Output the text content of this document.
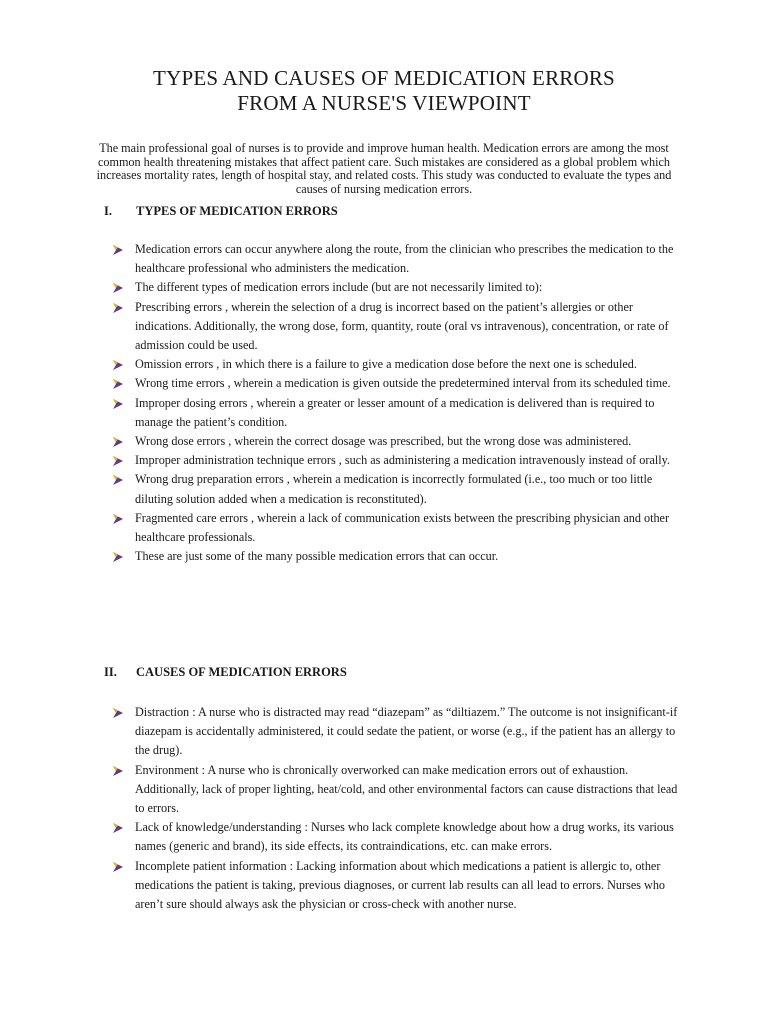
TYPES AND CAUSES OF MEDICATION ERRORS
FROM A NURSE'S VIEWPOINT

The main professional goal of nurses is to provide and improve human health. Medication errors are among the most common health threatening mistakes that affect patient care. Such mistakes are considered as a global problem which increases mortality rates, length of hospital stay, and related costs. This study was conducted to evaluate the types and causes of nursing medication errors.

I.	TYPES OF MEDICATION ERRORS
Medication errors can occur anywhere along the route, from the clinician who prescribes the medication to the healthcare professional who administers the medication.
The different types of medication errors include (but are not necessarily limited to):
Prescribing errors , wherein the selection of a drug is incorrect based on the patient’s allergies or other indications. Additionally, the wrong dose, form, quantity, route (oral vs intravenous), concentration, or rate of admission could be used.
Omission errors , in which there is a failure to give a medication dose before the next one is scheduled.
Wrong time errors , wherein a medication is given outside the predetermined interval from its scheduled time.
Improper dosing errors , wherein a greater or lesser amount of a medication is delivered than is required to manage the patient’s condition.
Wrong dose errors , wherein the correct dosage was prescribed, but the wrong dose was administered.
Improper administration technique errors , such as administering a medication intravenously instead of orally.
Wrong drug preparation errors , wherein a medication is incorrectly formulated (i.e., too much or too little diluting solution added when a medication is reconstituted).
Fragmented care errors , wherein a lack of communication exists between the prescribing physician and other healthcare professionals.
These are just some of the many possible medication errors that can occur.
II.	CAUSES OF MEDICATION ERRORS
Distraction : A nurse who is distracted may read “diazepam” as “diltiazem.” The outcome is not insignificant-if diazepam is accidentally administered, it could sedate the patient, or worse (e.g., if the patient has an allergy to the drug).
Environment : A nurse who is chronically overworked can make medication errors out of exhaustion. Additionally, lack of proper lighting, heat/cold, and other environmental factors can cause distractions that lead to errors.
Lack of knowledge/understanding : Nurses who lack complete knowledge about how a drug works, its various names (generic and brand), its side effects, its contraindications, etc. can make errors.
Incomplete patient information : Lacking information about which medications a patient is allergic to, other medications the patient is taking, previous diagnoses, or current lab results can all lead to errors. Nurses who aren’t sure should always ask the physician or cross-check with another nurse.
